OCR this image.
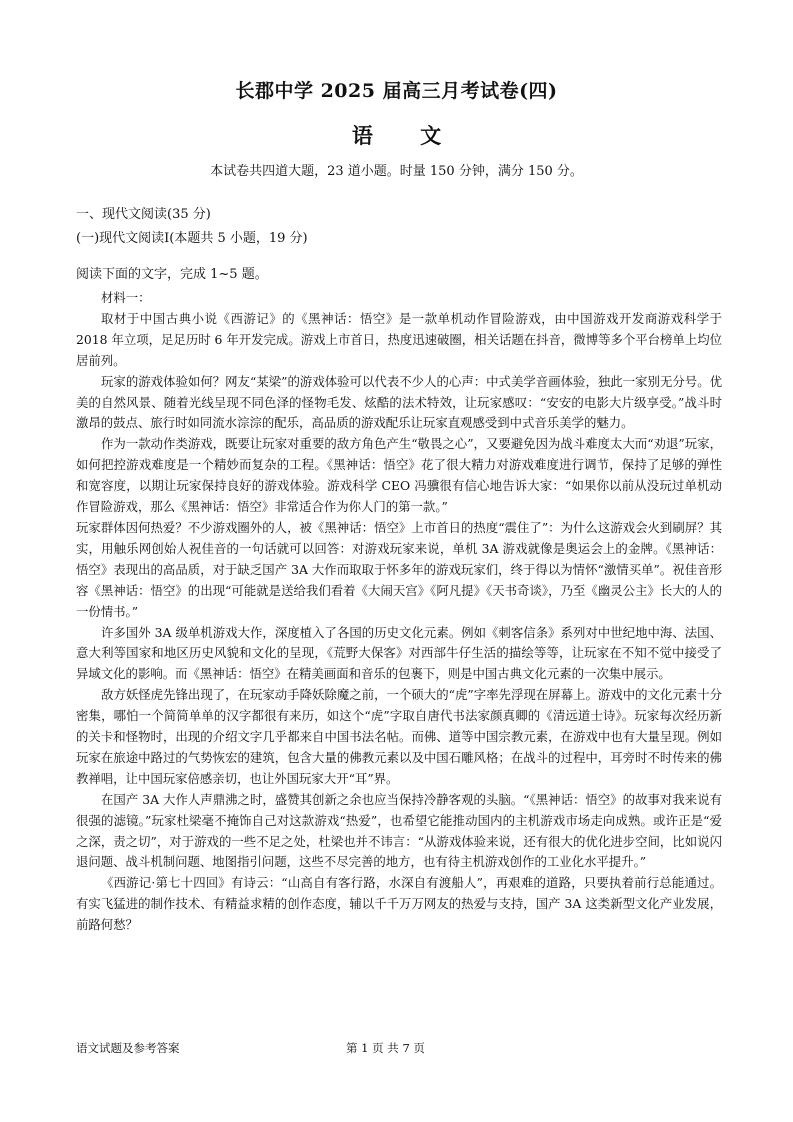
长郡中学 2025 届高三月考试卷(四)
语 文
本试卷共四道大题，23 道小题。时量 150 分钟，满分 150 分。
一、现代文阅读(35 分)
(一)现代文阅读Ⅰ(本题共 5 小题，19 分)
阅读下面的文字，完成 1~5 题。

材料一：

取材于中国古典小说《西游记》的《黑神话：悟空》是一款单机动作冒险游戏，由中国游戏开发商游戏科学于 2018 年立项，足足历时 6 年开发完成。游戏上市首日，热度迅速破圈，相关话题在抖音，微博等多个平台榜单上均位居前列。

玩家的游戏体验如何？网友“某梁”的游戏体验可以代表不少人的心声：中式美学音画体验，独此一家别无分号。优美的自然风景、随着光线呈现不同色泽的怪物毛发、炫酷的法术特效，让玩家感叹：“安安的电影大片级享受。”战斗时激昂的鼓点、旅行时如同流水淙淙的配乐，高品质的游戏配乐让玩家直观感受到中式音乐美学的魅力。

作为一款动作类游戏，既要让玩家对重要的敌方角色产生“敬畏之心”，又要避免因为战斗难度太大而“劝退”玩家，如何把控游戏难度是一个精妙而复杂的工程。《黑神话：悟空》花了很大精力对游戏难度进行调节，保持了足够的弹性和宽容度，以期让玩家保持良好的游戏体验。游戏科学 CEO 冯骥很有信心地告诉大家：“如果你以前从没玩过单机动作冒险游戏，那么《黑神话：悟空》非常适合作为你人门的第一款。”

玩家群体因何热爱？不少游戏圈外的人，被《黑神话：悟空》上市首日的热度“震住了”：为什么这游戏会火到刷屏？其实，用触乐网创始人祝佳音的一句话就可以回答：对游戏玩家来说，单机 3A 游戏就像是奥运会上的金牌。《黑神话：悟空》表现出的高品质，对于缺乏国产 3A 大作而取取于怀多年的游戏玩家们，终于得以为情怀“激情买单”。祝佳音形容《黑神话：悟空》的出现“可能就是送给我们看着《大闹天宫》《阿凡提》《天书奇谈》，乃至《幽灵公主》长大的人的一份情书。”

许多国外 3A 级单机游戏大作，深度植入了各国的历史文化元素。例如《刺客信条》系列对中世纪地中海、法国、意大利等国家和地区历史风貌和文化的呈现，《荒野大保客》对西部牛仔生活的描绘等等，让玩家在不知不觉中接受了异域文化的影响。而《黑神话：悟空》在精美画面和音乐的包裹下，则是中国古典文化元素的一次集中展示。

敌方妖怪虎先锋出现了，在玩家动手降妖除魔之前，一个硕大的“虎”字率先浮现在屏幕上。游戏中的文化元素十分密集，哪怕一个简简单单的汉字都很有来历，如这个“虎”字取自唐代书法家颜真卿的《清远道士诗》。玩家每次经历新的关卡和怪物时，出现的介绍文字几乎都来自中国书法名帖。而佛、道等中国宗教元素，在游戏中也有大量呈现。例如玩家在旅途中路过的气势恢宏的建筑，包含大量的佛教元素以及中国石雕风格；在战斗的过程中，耳旁时不时传来的佛教禅唱，让中国玩家倍感亲切，也让外国玩家大开“耳”界。

在国产 3A 大作人声鼎沸之时，盛赞其创新之余也应当保持冷静客观的头脑。“《黑神话：悟空》的故事对我来说有很强的滤镜。”玩家杜梁毫不掩饰自己对这款游戏“热爱”，也希望它能推动国内的主机游戏市场走向成熟。或许正是“爱之深，责之切”，对于游戏的一些不足之处，杜梁也并不讳言：“从游戏体验来说，还有很大的优化进步空间，比如说闪退问题、战斗机制问题、地图指引问题，这些不尽完善的地方，也有待主机游戏创作的工业化水平提升。”

《西游记·第七十四回》有诗云：“山高自有客行路，水深自有渡船人”，再艰难的道路，只要执着前行总能通过。有实飞猛进的制作技术、有精益求精的创作态度，辅以千千万万网友的热爱与支持，国产 3A 这类新型文化产业发展，前路何愁？

语文试题及参考答案	第 1 页 共 7 页
